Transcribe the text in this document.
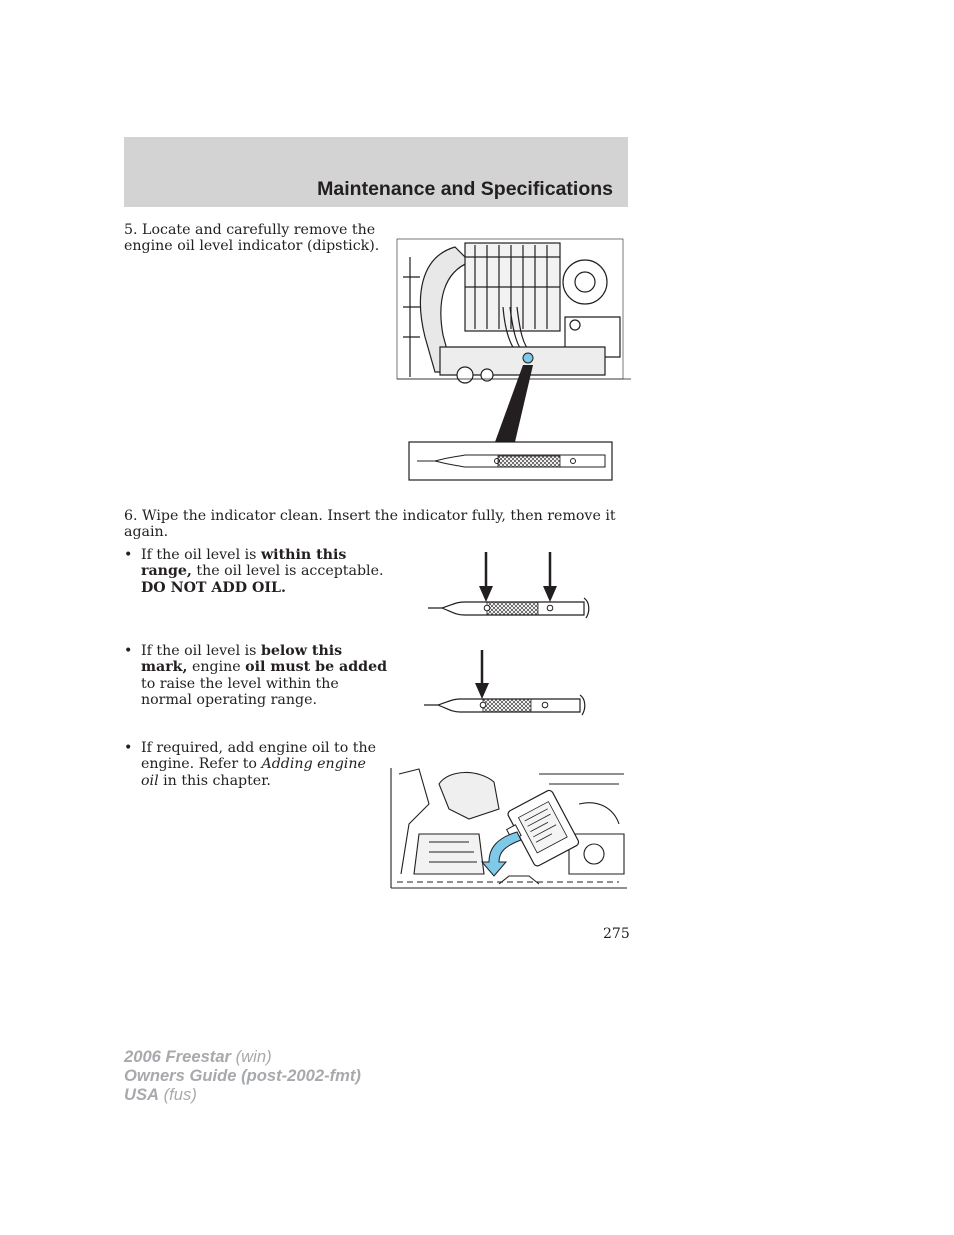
Maintenance and Specifications
5. Locate and carefully remove the
engine oil level indicator (dipstick).
6. Wipe the indicator clean. Insert the indicator fully, then remove it
again.
• If the oil level is within this
range, the oil level is acceptable.
DO NOT ADD OIL.
• If the oil level is below this
mark, engine oil must be added
to raise the level within the
normal operating range.
• If required, add engine oil to the
engine. Refer to Adding engine
oil in this chapter.
275
2006 Freestar (win)
Owners Guide (post-2002-fmt)
USA (fus)
